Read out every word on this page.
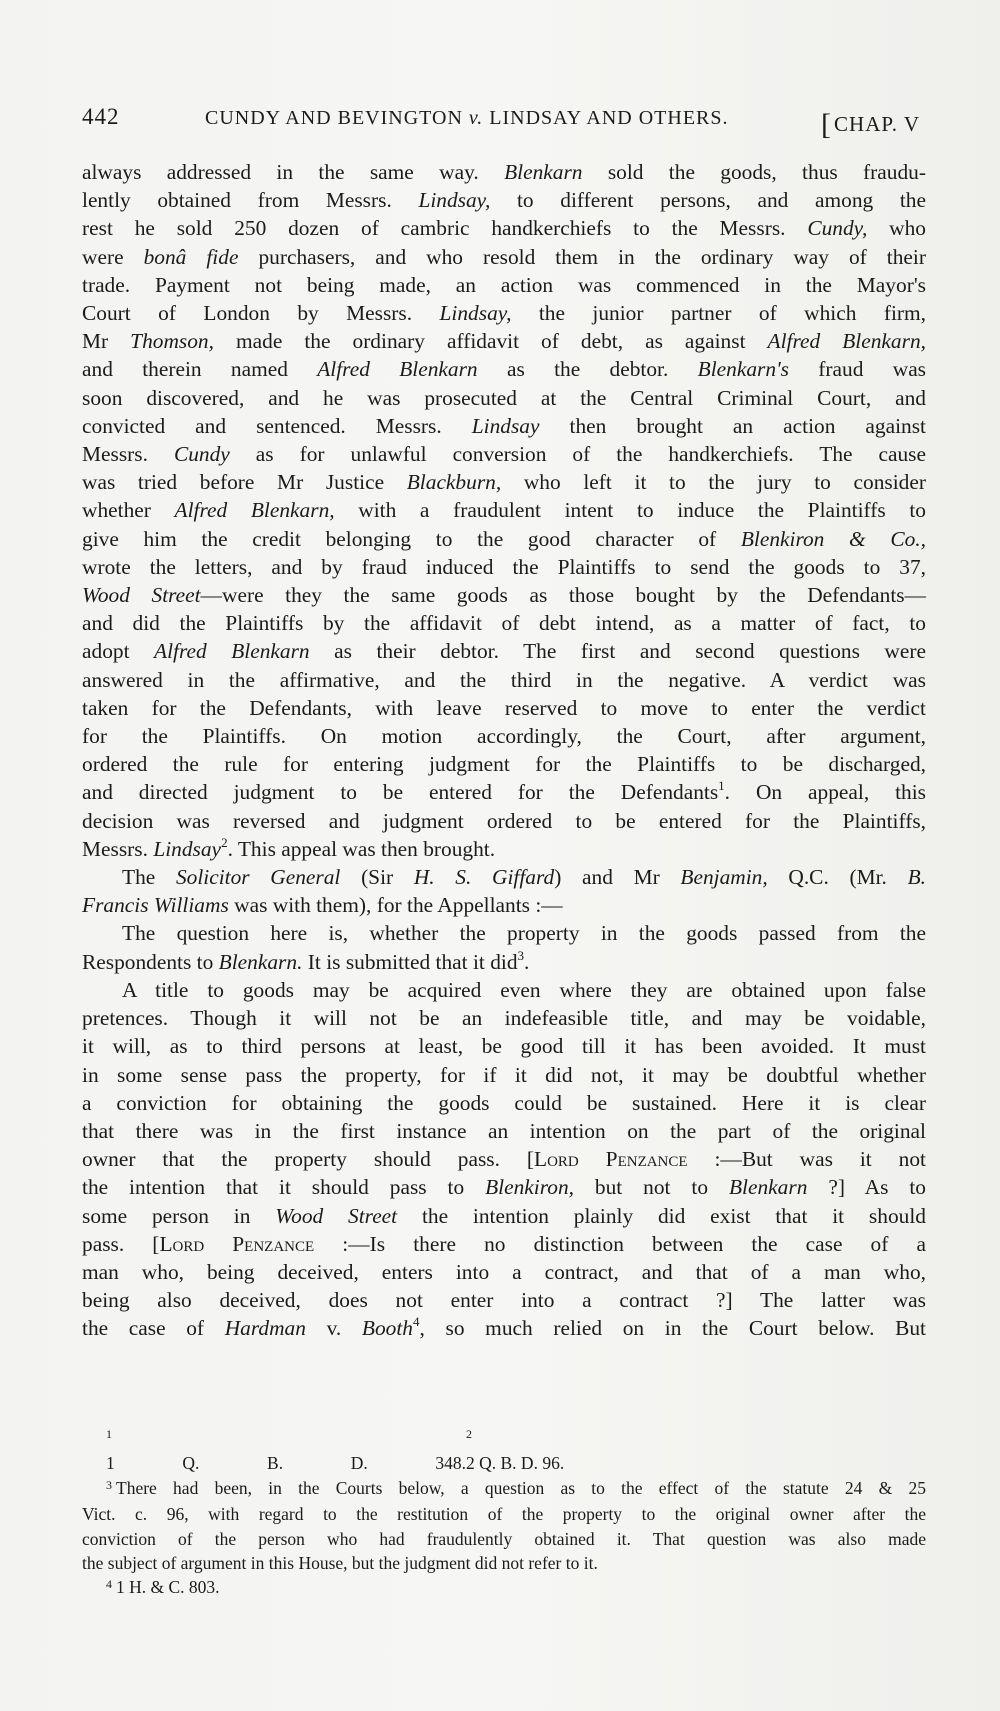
442	CUNDY AND BEVINGTON v. LINDSAY AND OTHERS.	[CHAP. V
always addressed in the same way. Blenkarn sold the goods, thus fraudu-
lently obtained from Messrs. Lindsay, to different persons, and among the
rest he sold 250 dozen of cambric handkerchiefs to the Messrs. Cundy, who
were bonâ fide purchasers, and who resold them in the ordinary way of their
trade. Payment not being made, an action was commenced in the Mayor's
Court of London by Messrs. Lindsay, the junior partner of which firm,
Mr Thomson, made the ordinary affidavit of debt, as against Alfred Blenkarn,
and therein named Alfred Blenkarn as the debtor. Blenkarn's fraud was
soon discovered, and he was prosecuted at the Central Criminal Court, and
convicted and sentenced. Messrs. Lindsay then brought an action against
Messrs. Cundy as for unlawful conversion of the handkerchiefs. The cause
was tried before Mr Justice Blackburn, who left it to the jury to consider
whether Alfred Blenkarn, with a fraudulent intent to induce the Plaintiffs to
give him the credit belonging to the good character of Blenkiron & Co.,
wrote the letters, and by fraud induced the Plaintiffs to send the goods to 37,
Wood Street—were they the same goods as those bought by the Defendants—
and did the Plaintiffs by the affidavit of debt intend, as a matter of fact, to
adopt Alfred Blenkarn as their debtor. The first and second questions were
answered in the affirmative, and the third in the negative. A verdict was
taken for the Defendants, with leave reserved to move to enter the verdict
for the Plaintiffs. On motion accordingly, the Court, after argument,
ordered the rule for entering judgment for the Plaintiffs to be discharged,
and directed judgment to be entered for the Defendants$^1$. On appeal, this
decision was reversed and judgment ordered to be entered for the Plaintiffs,
Messrs. Lindsay$^2$. This appeal was then brought.
The Solicitor General (Sir H. S. Giffard) and Mr Benjamin, Q.C. (Mr. B.
Francis Williams was with them), for the Appellants :—
The question here is, whether the property in the goods passed from the
Respondents to Blenkarn. It is submitted that it did$^3$.
A title to goods may be acquired even where they are obtained upon false
pretences. Though it will not be an indefeasible title, and may be voidable,
it will, as to third persons at least, be good till it has been avoided. It must
in some sense pass the property, for if it did not, it may be doubtful whether
a conviction for obtaining the goods could be sustained. Here it is clear
that there was in the first instance an intention on the part of the original
owner that the property should pass. [Lord Penzance :—But was it not
the intention that it should pass to Blenkiron, but not to Blenkarn ?] As to
some person in Wood Street the intention plainly did exist that it should
pass. [Lord Penzance :—Is there no distinction between the case of a
man who, being deceived, enters into a contract, and that of a man who,
being also deceived, does not enter into a contract ?] The latter was
the case of Hardman v. Booth$^4$, so much relied on in the Court below. But
1
1 Q. B. D. 348.
2
2 Q. B. D. 96.
$^3$ There had been, in the Courts below, a question as to the effect of the statute 24 & 25
Vict. c. 96, with regard to the restitution of the property to the original owner after the
conviction of the person who had fraudulently obtained it. That question was also made
the subject of argument in this House, but the judgment did not refer to it.
$^4$ 1 H. & C. 803.
